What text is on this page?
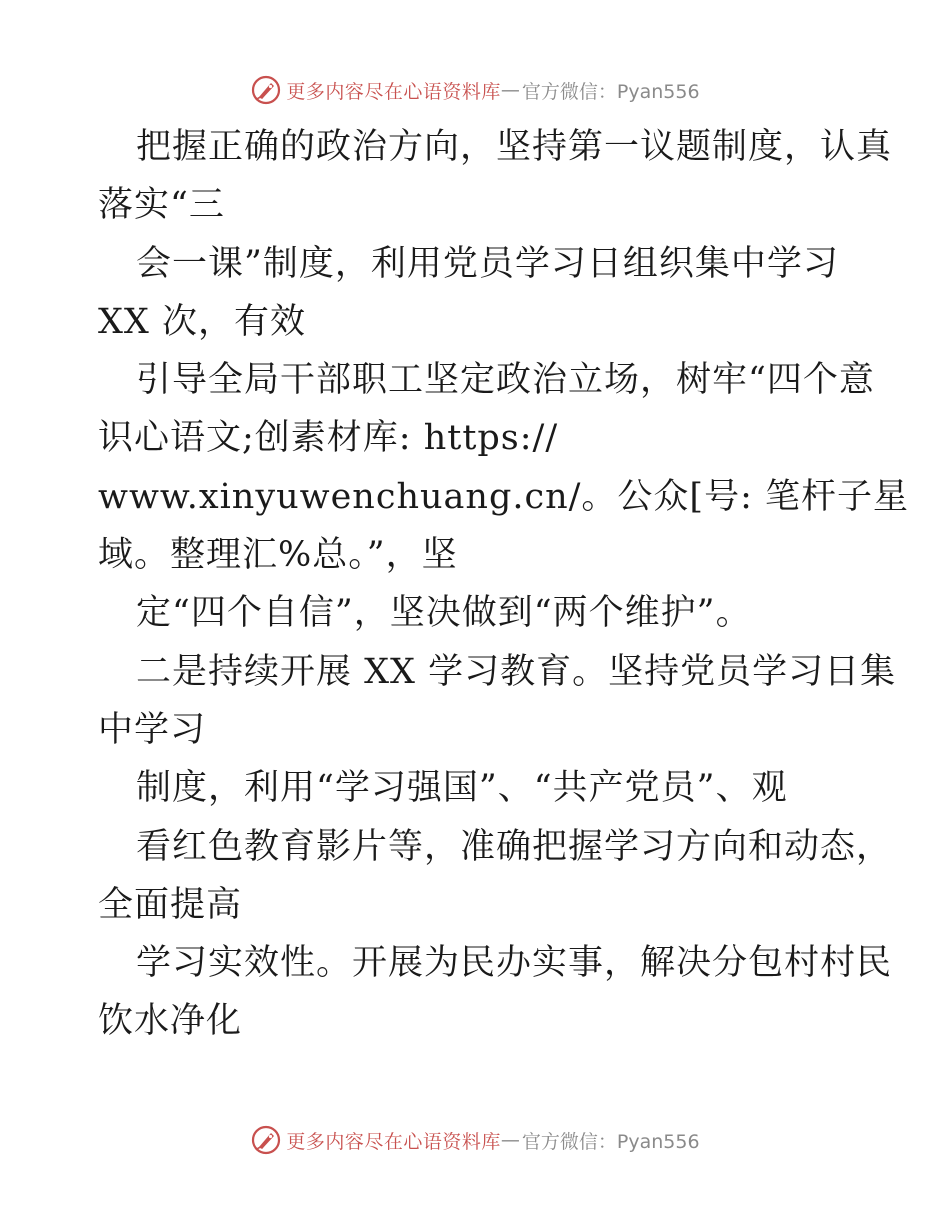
更多内容尽在心语资料库 — 官方微信：Pyan556
把握正确的政治方向，坚持第一议题制度，认真
落实“三
会一课”制度，利用党员学习日组织集中学习
XX 次，有效
引导全局干部职工坚定政治立场，树牢“四个意
识心语文;创素材库: https://
www.xinyuwenchuang.cn/。公众[号: 笔杆子星
域。整理汇%总。”，坚
定“四个自信”，坚决做到“两个维护”。
二是持续开展 XX 学习教育。坚持党员学习日集
中学习
制度，利用“学习强国”、“共产党员”、观
看红色教育影片等，准确把握学习方向和动态，
全面提高
学习实效性。开展为民办实事，解决分包村村民
饮水净化
更多内容尽在心语资料库 — 官方微信：Pyan556
